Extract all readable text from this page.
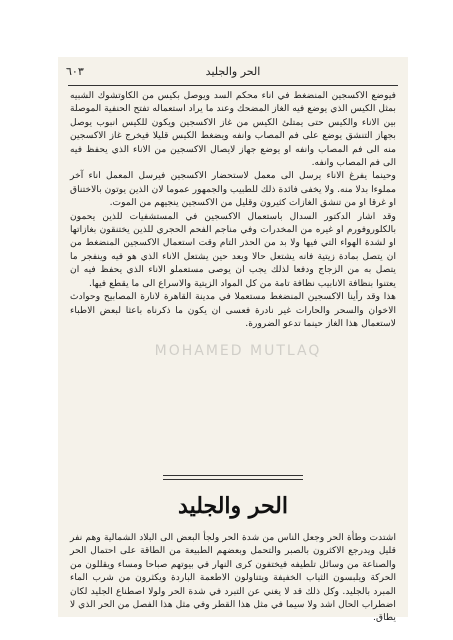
الحر والجليد
٦٠٣

فيوضع الاكسجين المنضغط في اناء محكم السد ويوصل بكيس من الكاوتشوك الشبيه بمثل الكيس الذي يوضع فيه الغاز المضحك وعند ما يراد استعماله تفتح الحنفية الموصلة بين الاناء والكيس حتى يمتلئ الكيس من غاز الاكسجين ويكون للكيس انبوب يوصل بجهاز التنشق يوضع على فم المصاب وانفه ويضغط الكيس قليلا فيخرج غاز الاكسجين منه الى فم المصاب وانفه او يوضع جهاز لايصال الاكسجين من الاناء الذي يحفظ فيه الى فم المصاب وانفه.

وحينما يفرغ الاناء يرسل الى معمل لاستحضار الاكسجين فيرسل المعمل اناء آخر مملوءا بدلا منه. ولا يخفى فائدة ذلك للطبيب والجمهور عموما لان الذين يوتون بالاختناق او غرقا او من تنشق الغازات كثيرون وقليل من الاكسجين ينجيهم من الموت.

وقد اشار الدكتور السدال باستعمال الاكسجين في المستشفيات للذين يحمون بالكلوروفورم او غيره من المخدرات وفي مناجم الفحم الحجري للذين يختنقون بغازاتها او لشدة الهواء التي فيها ولا بد من الحذر التام وقت استعمال الاكسجين المنضغط من ان يتصل بمادة زيتية فانه يشتعل حالا وبعد حين يشتعل الاناء الذي هو فيه وينفجر ما يتصل به من الزجاج ودفعا لذلك يجب ان يوصى مستعملو الاناء الذي يحفظ فيه ان يعتنوا بنظافة الانابيب نظافة تامة من كل المواد الزيتية والاسراع الى ما يقطع فيها.

هذا وقد رأينا الاكسجين المنضغط مستعملا في مدينة القاهرة لانارة المصابيح وحوادث الاخوان والسحر والحارات غير نادرة فعسى ان يكون ما ذكرناه باعثا لبعض الاطباء لاستعمال هذا الغاز حينما تدعو الضرورة.

MOHAMED MUTLAQ
الحر والجليد

اشتدت وطأة الحر وجعل الناس من شدة الحر ولجأ البعض الى البلاد الشمالية وهم نفر قليل ويدرجع الاكثرون بالصبر والتحمل وبعضهم الطبيعة من الطاقة على احتمال الحر والصناعة من وسائل تلطيفه فيختفون كرى النهار في بيوتهم صباحا ومساء ويقللون من الحركة ويلبسون الثياب الخفيفة ويتناولون الاطعمة الباردة ويكثرون من شرب الماء المبرد بالجليد. وكل ذلك قد لا يغني عن التبرد في شدة الحر ولولا اصطناع الجليد لكان اضطراب الحال اشد ولا سيما في مثل هذا القطر وفي مثل هذا الفصل من الحر الذي لا يطاق.
